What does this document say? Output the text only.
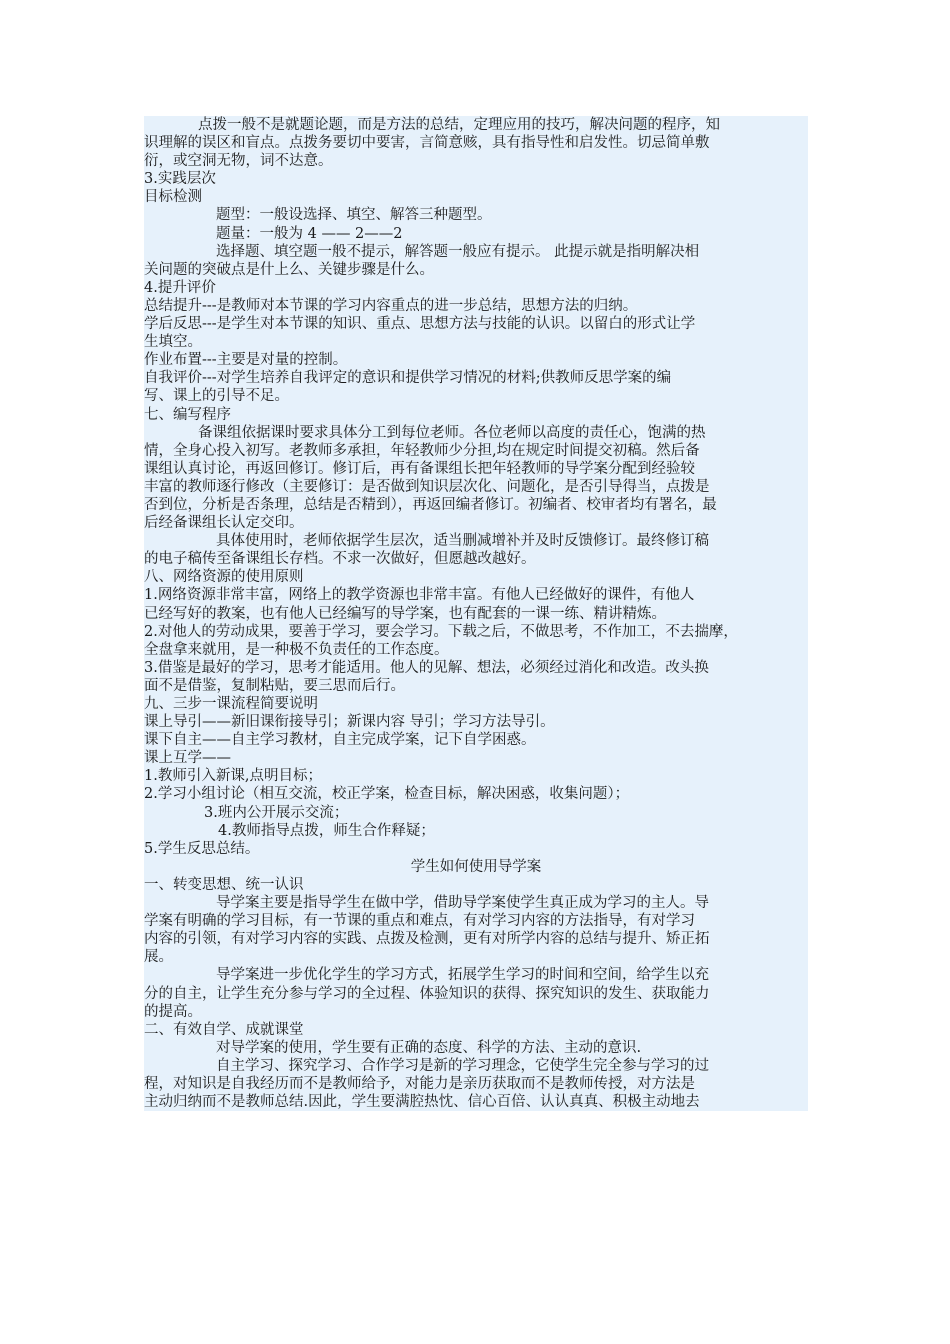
点拨一般不是就题论题，而是方法的总结，定理应用的技巧，解决问题的程序，知
识理解的误区和盲点。点拨务要切中要害，言简意赅，具有指导性和启发性。切忌简单敷
衍，或空洞无物，词不达意。
3.实践层次
目标检测
题型：一般设选择、填空、解答三种题型。
题量：一般为 4 —— 2——2
选择题、填空题一般不提示，解答题一般应有提示。 此提示就是指明解决相
关问题的突破点是什上么、关键步骤是什么。
4.提升评价
总结提升---是教师对本节课的学习内容重点的进一步总结，思想方法的归纳。
学后反思---是学生对本节课的知识、重点、思想方法与技能的认识。以留白的形式让学
生填空。
作业布置---主要是对量的控制。
自我评价---对学生培养自我评定的意识和提供学习情况的材料;供教师反思学案的编
写、课上的引导不足。
七、编写程序
备课组依据课时要求具体分工到每位老师。各位老师以高度的责任心，饱满的热
情，全身心投入初写。老教师多承担，年轻教师少分担,均在规定时间提交初稿。然后备
课组认真讨论，再返回修订。修订后，再有备课组长把年轻教师的导学案分配到经验较
丰富的教师逐行修改（主要修订：是否做到知识层次化、问题化，是否引导得当，点拨是
否到位，分析是否条理，总结是否精到），再返回编者修订。初编者、校审者均有署名，最
后经备课组长认定交印。
具体使用时，老师依据学生层次，适当删减增补并及时反馈修订。最终修订稿
的电子稿传至备课组长存档。不求一次做好，但愿越改越好。
八、网络资源的使用原则
1.网络资源非常丰富，网络上的教学资源也非常丰富。有他人已经做好的课件，有他人
已经写好的教案，也有他人已经编写的导学案，也有配套的一课一练、精讲精炼。
2.对他人的劳动成果，要善于学习，要会学习。下载之后，不做思考，不作加工，不去揣摩，
全盘拿来就用，是一种极不负责任的工作态度。
3.借鉴是最好的学习，思考才能适用。他人的见解、想法，必须经过消化和改造。改头换
面不是借鉴，复制粘贴，要三思而后行。
九、三步一课流程简要说明
课上导引——新旧课衔接导引；新课内容 导引；学习方法导引。
课下自主——自主学习教材，自主完成学案，记下自学困惑。
课上互学——
1.教师引入新课,点明目标；
2.学习小组讨论（相互交流，校正学案，检查目标，解决困惑，收集问题）；
3.班内公开展示交流；
4.教师指导点拨，师生合作释疑；
5.学生反思总结。
学生如何使用导学案
一、转变思想、统一认识
导学案主要是指导学生在做中学，借助导学案使学生真正成为学习的主人。导
学案有明确的学习目标，有一节课的重点和难点，有对学习内容的方法指导，有对学习
内容的引领，有对学习内容的实践、点拨及检测，更有对所学内容的总结与提升、矫正拓
展。
导学案进一步优化学生的学习方式，拓展学生学习的时间和空间，给学生以充
分的自主，让学生充分参与学习的全过程、体验知识的获得、探究知识的发生、获取能力
的提高。
二、有效自学、成就课堂
对导学案的使用，学生要有正确的态度、科学的方法、主动的意识.
自主学习、探究学习、合作学习是新的学习理念，它使学生完全参与学习的过
程，对知识是自我经历而不是教师给予，对能力是亲历获取而不是教师传授，对方法是
主动归纳而不是教师总结.因此，学生要满腔热忱、信心百倍、认认真真、积极主动地去
